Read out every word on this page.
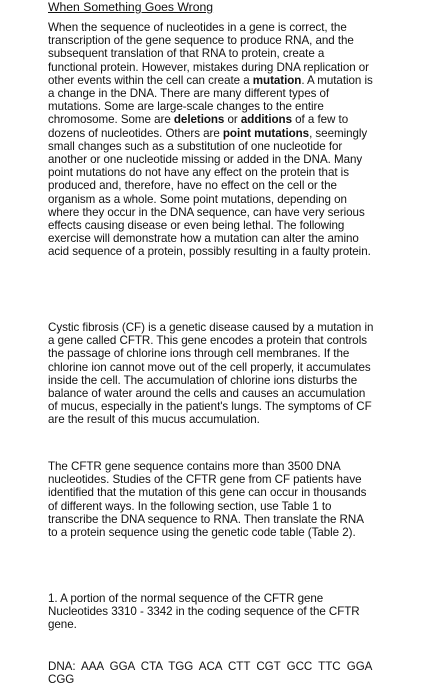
When Something Goes Wrong

When the sequence of nucleotides in a gene is correct, the transcription of the gene sequence to produce RNA, and the subsequent translation of that RNA to protein, create a functional protein. However, mistakes during DNA replication or other events within the cell can create a mutation. A mutation is a change in the DNA. There are many different types of mutations. Some are large-scale changes to the entire chromosome. Some are deletions or additions of a few to dozens of nucleotides. Others are point mutations, seemingly small changes such as a substitution of one nucleotide for another or one nucleotide missing or added in the DNA. Many point mutations do not have any effect on the protein that is produced and, therefore, have no effect on the cell or the organism as a whole. Some point mutations, depending on where they occur in the DNA sequence, can have very serious effects causing disease or even being lethal. The following exercise will demonstrate how a mutation can alter the amino acid sequence of a protein, possibly resulting in a faulty protein.

Cystic fibrosis (CF) is a genetic disease caused by a mutation in a gene called CFTR. This gene encodes a protein that controls the passage of chlorine ions through cell membranes. If the chlorine ion cannot move out of the cell properly, it accumulates inside the cell. The accumulation of chlorine ions disturbs the balance of water around the cells and causes an accumulation of mucus, especially in the patient's lungs. The symptoms of CF are the result of this mucus accumulation.

The CFTR gene sequence contains more than 3500 DNA nucleotides. Studies of the CFTR gene from CF patients have identified that the mutation of this gene can occur in thousands of different ways. In the following section, use Table 1 to transcribe the DNA sequence to RNA. Then translate the RNA to a protein sequence using the genetic code table (Table 2).

1. A portion of the normal sequence of the CFTR gene Nucleotides 3310 - 3342 in the coding sequence of the CFTR gene.

DNA: AAA GGA CTA TGG ACA CTT CGT GCC TTC GGA CGG
